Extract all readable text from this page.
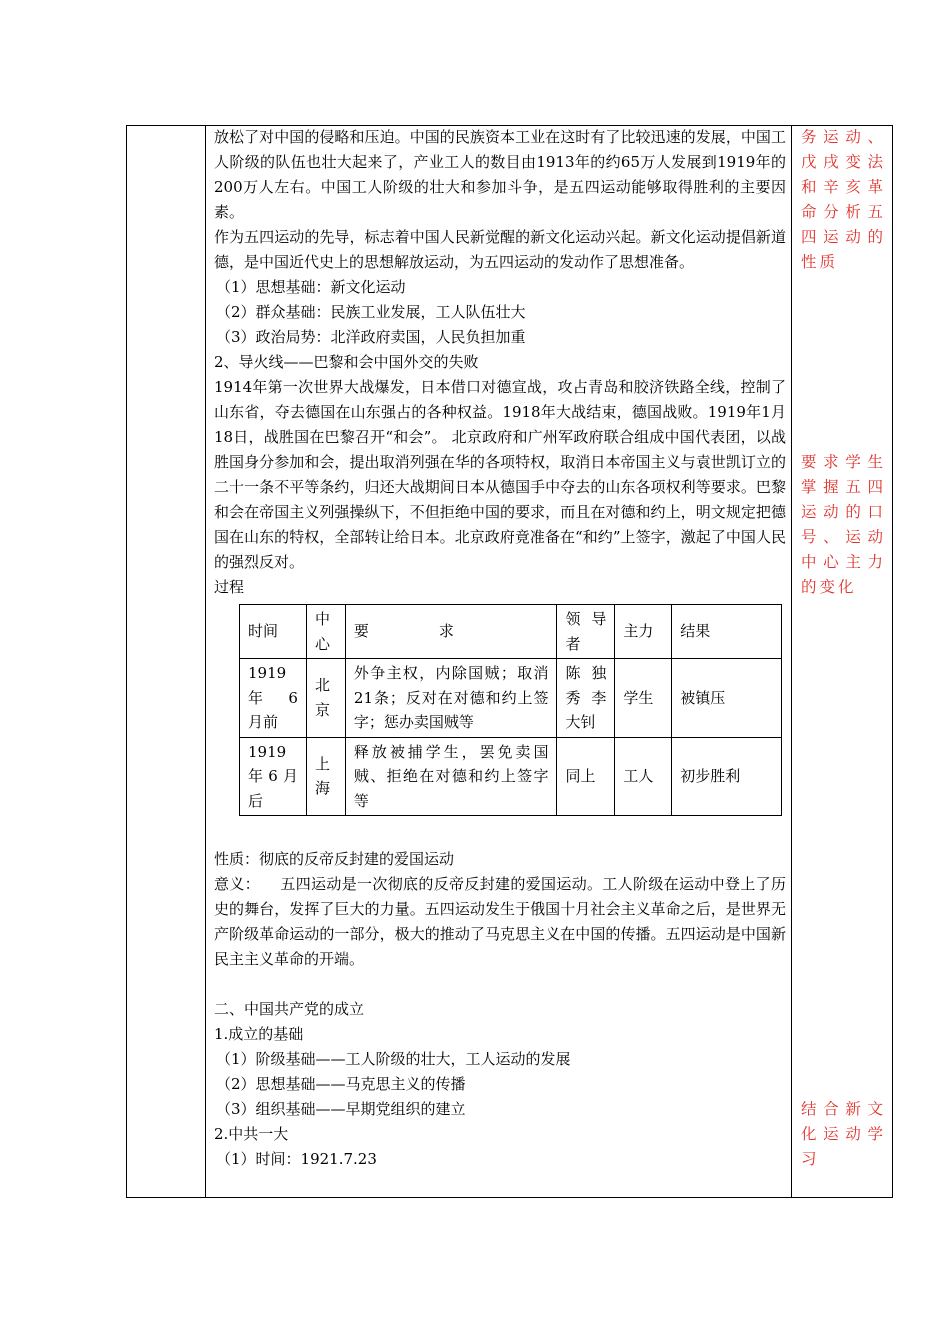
放松了对中国的侵略和压迫。中国的民族资本工业在这时有了比较迅速的发展，中国工人阶级的队伍也壮大起来了，产业工人的数目由1913年的约65万人发展到1919年的200万人左右。中国工人阶级的壮大和参加斗争，是五四运动能够取得胜利的主要因素。

作为五四运动的先导，标志着中国人民新觉醒的新文化运动兴起。新文化运动提倡新道德，是中国近代史上的思想解放运动，为五四运动的发动作了思想准备。

（1）思想基础：新文化运动

（2）群众基础：民族工业发展，工人队伍壮大

（3）政治局势：北洋政府卖国，人民负担加重

2、导火线——巴黎和会中国外交的失败

1914年第一次世界大战爆发，日本借口对德宣战，攻占青岛和胶济铁路全线，控制了山东省，夺去德国在山东强占的各种权益。1918年大战结束，德国战败。1919年1月18日，战胜国在巴黎召开“和会”。 北京政府和广州军政府联合组成中国代表团，以战胜国身分参加和会，提出取消列强在华的各项特权，取消日本帝国主义与袁世凯订立的二十一条不平等条约，归还大战期间日本从德国手中夺去的山东各项权利等要求。巴黎和会在帝国主义列强操纵下，不但拒绝中国的要求，而且在对德和约上，明文规定把德国在山东的特权，全部转让给日本。北京政府竟准备在“和约”上签字，激起了中国人民的强烈反对。

过程

时间	中心	要　　　　求	领导者	主力	结果
1919年　6月前	北京	外争主权，内除国贼；取消21条；反对在对德和约上签字；惩办卖国贼等	陈独秀李大钊	学生	被镇压
1919年6月后	上海	释放被捕学生，罢免卖国贼、拒绝在对德和约上签字等	同上	工人	初步胜利

性质：彻底的反帝反封建的爱国运动

意义：    五四运动是一次彻底的反帝反封建的爱国运动。工人阶级在运动中登上了历史的舞台，发挥了巨大的力量。五四运动发生于俄国十月社会主义革命之后，是世界无产阶级革命运动的一部分，极大的推动了马克思主义在中国的传播。五四运动是中国新民主主义革命的开端。

二、中国共产党的成立

1.成立的基础

（1）阶级基础——工人阶级的壮大，工人运动的发展

（2）思想基础——马克思主义的传播

（3）组织基础——早期党组织的建立

2.中共一大

（1）时间：1921.7.23

务运动、戊戌变法和辛亥革命分析五四运动的性质
要求学生掌握五四运动的口号、运动中心主力的变化
结合新文化运动学习
